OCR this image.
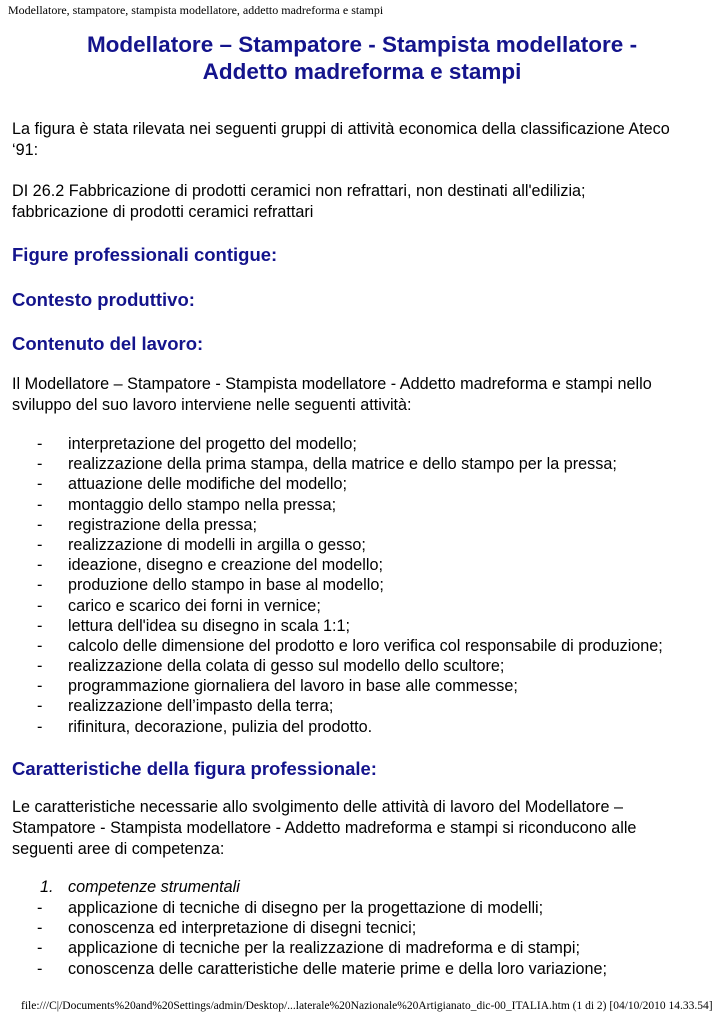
Modellatore, stampatore, stampista modellatore, addetto madreforma e stampi
Modellatore – Stampatore - Stampista modellatore -
Addetto madreforma e stampi

La figura è stata rilevata nei seguenti gruppi di attività economica della classificazione Ateco
‘91:

DI 26.2 Fabbricazione di prodotti ceramici non refrattari, non destinati all'edilizia;
fabbricazione di prodotti ceramici refrattari

Figure professionali contigue:
Contesto produttivo:
Contenuto del lavoro:

Il Modellatore – Stampatore - Stampista modellatore - Addetto madreforma e stampi nello
sviluppo del suo lavoro interviene nelle seguenti attività:

- interpretazione del progetto del modello;
- realizzazione della prima stampa, della matrice e dello stampo per la pressa;
- attuazione delle modifiche del modello;
- montaggio dello stampo nella pressa;
- registrazione della pressa;
- realizzazione di modelli in argilla o gesso;
- ideazione, disegno e creazione del modello;
- produzione dello stampo in base al modello;
- carico e scarico dei forni in vernice;
- lettura dell'idea su disegno in scala 1:1;
- calcolo delle dimensione del prodotto e loro verifica col responsabile di produzione;
- realizzazione della colata di gesso sul modello dello scultore;
- programmazione giornaliera del lavoro in base alle commesse;
- realizzazione dell’impasto della terra;
- rifinitura, decorazione, pulizia del prodotto.
Caratteristiche della figura professionale:

Le caratteristiche necessarie allo svolgimento delle attività di lavoro del Modellatore –
Stampatore - Stampista modellatore - Addetto madreforma e stampi si riconducono alle
seguenti aree di competenza:

1. competenze strumentali
- applicazione di tecniche di disegno per la progettazione di modelli;
- conoscenza ed interpretazione di disegni tecnici;
- applicazione di tecniche per la realizzazione di madreforma e di stampi;
- conoscenza delle caratteristiche delle materie prime e della loro variazione;
file:///C|/Documents%20and%20Settings/admin/Desktop/...laterale%20Nazionale%20Artigianato_dic-00_ITALIA.htm (1 di 2) [04/10/2010 14.33.54]
